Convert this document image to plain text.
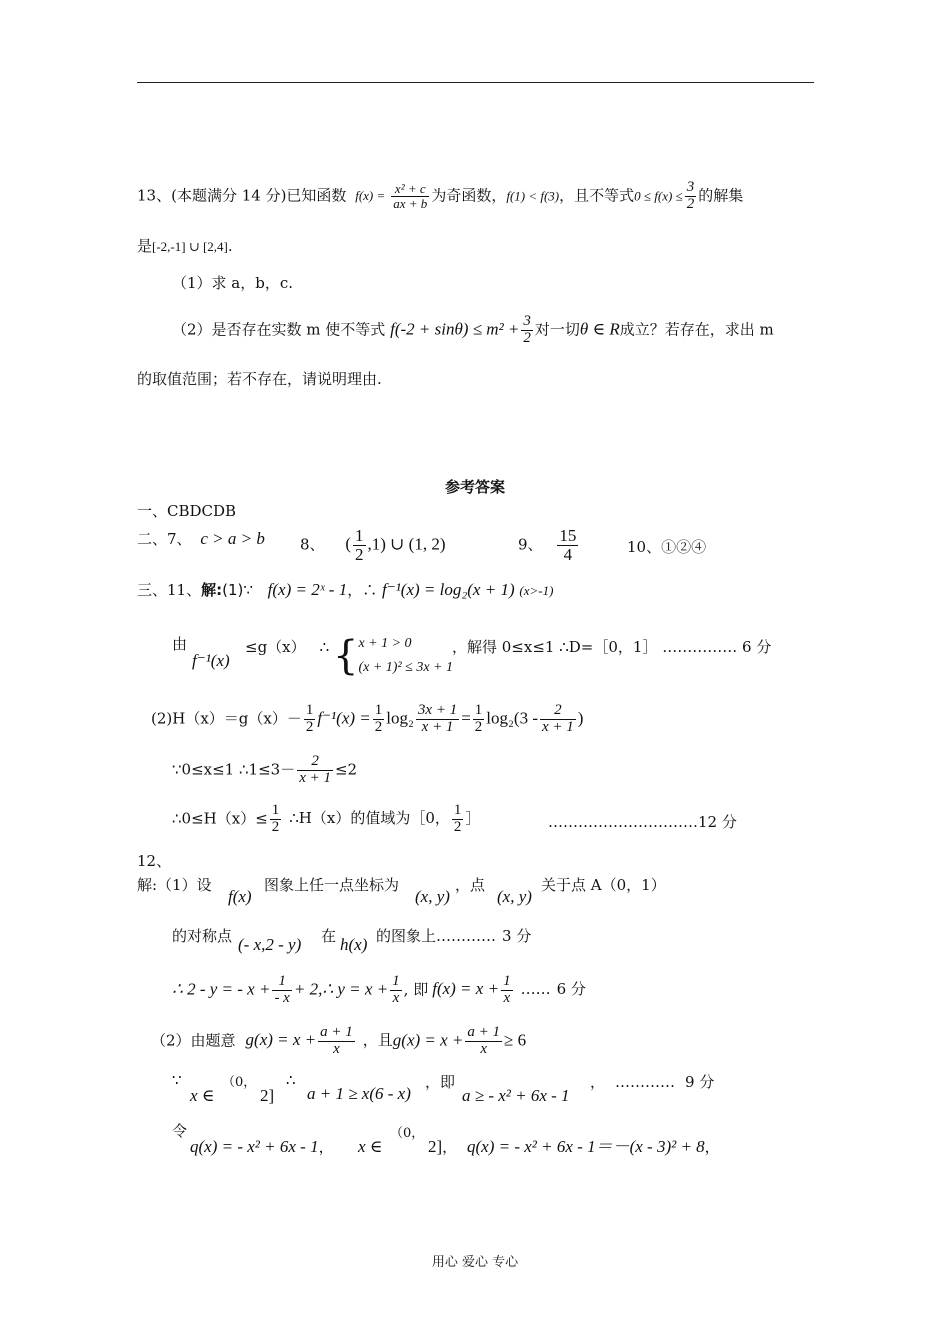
13、(本题满分 14 分)已知函数 $f(x) = \frac{\text{x² + c}}{ax + b}$ 为奇函数，f(1) < f(3)，且不等式$0 \le f(x) \le \frac{3}{2}$ 的解集
是[-2,-1] ∪ [2,4].
（1）求 a，b，c.
（2）是否存在实数 m 使不等式 $f(-2 + \sin\theta) \le m^2 + \frac{3}{2}$ 对一切θ ∈ R成立？若存在，求出 m
的取值范围；若不存在，请说明理由.
参考答案
一、CBDCDB
二、7、 c > a > b 8、 ( $\frac{1}{2} ,1$) ∪ (1, 2)	9、 $\frac{15}{4}$	10、①②④
三、11、解:(1)∵ f(x) = 2ˣ - 1，∴ f⁻¹(x) = log₂(x + 1) (x>-1)
由
f⁻¹(x)
≤g（x） ∴ { x + 1 > 0
(x + 1)² ≤ 3x + 1
，解得 0≤x≤1 ∴D=［0，1］ …………… 6 分
$(2)H(x)=g(x)- \frac{1}{2} f^{-1}(x) = \frac{1}{2} \log_2 \frac{3x + 1}{x + 1} = \frac{1}{2} \log_2(3 - \frac{2}{x + 1}$ )
∵0≤x≤1 ∴1≤3－ $\frac{2}{x + 1} \le 2$
∴0≤H（x）≤ $\frac{1}{2}$ ∴H（x）的值域为［0， $\frac{1}{2}$ ］	…………………………12 分
12、
解:（1）设
f(x)
图象上任一点坐标为
(x, y)
，点
(x, y)
关于点 A（0，1）
的对称点 (- x,2 - y) 在 h(x) 的图象上………… 3 分
∴ 2 - y = - $x + \frac{1}{- x}$ + 2,∴ $y = x + \frac{1}{x}$ , 即 $f(x) = x + \frac{1}{x}$ …… 6 分
（2）由题意 $g(x) = x + \frac{a + 1}{x}$ ，且$g(x) = x + \frac{a + 1}{x} \ge 6$
∵
x ∈
（0，
2]
∴
a + 1 ≥ x(6 - x)
，即
a ≥ - x² + 6x - 1
， ………… 9 分
令
q(x) = - x² + 6x - 1， x ∈
（0，
2]， q(x) = - x² + 6x - 1＝－(x - 3)² + 8，
用心 爱心 专心
